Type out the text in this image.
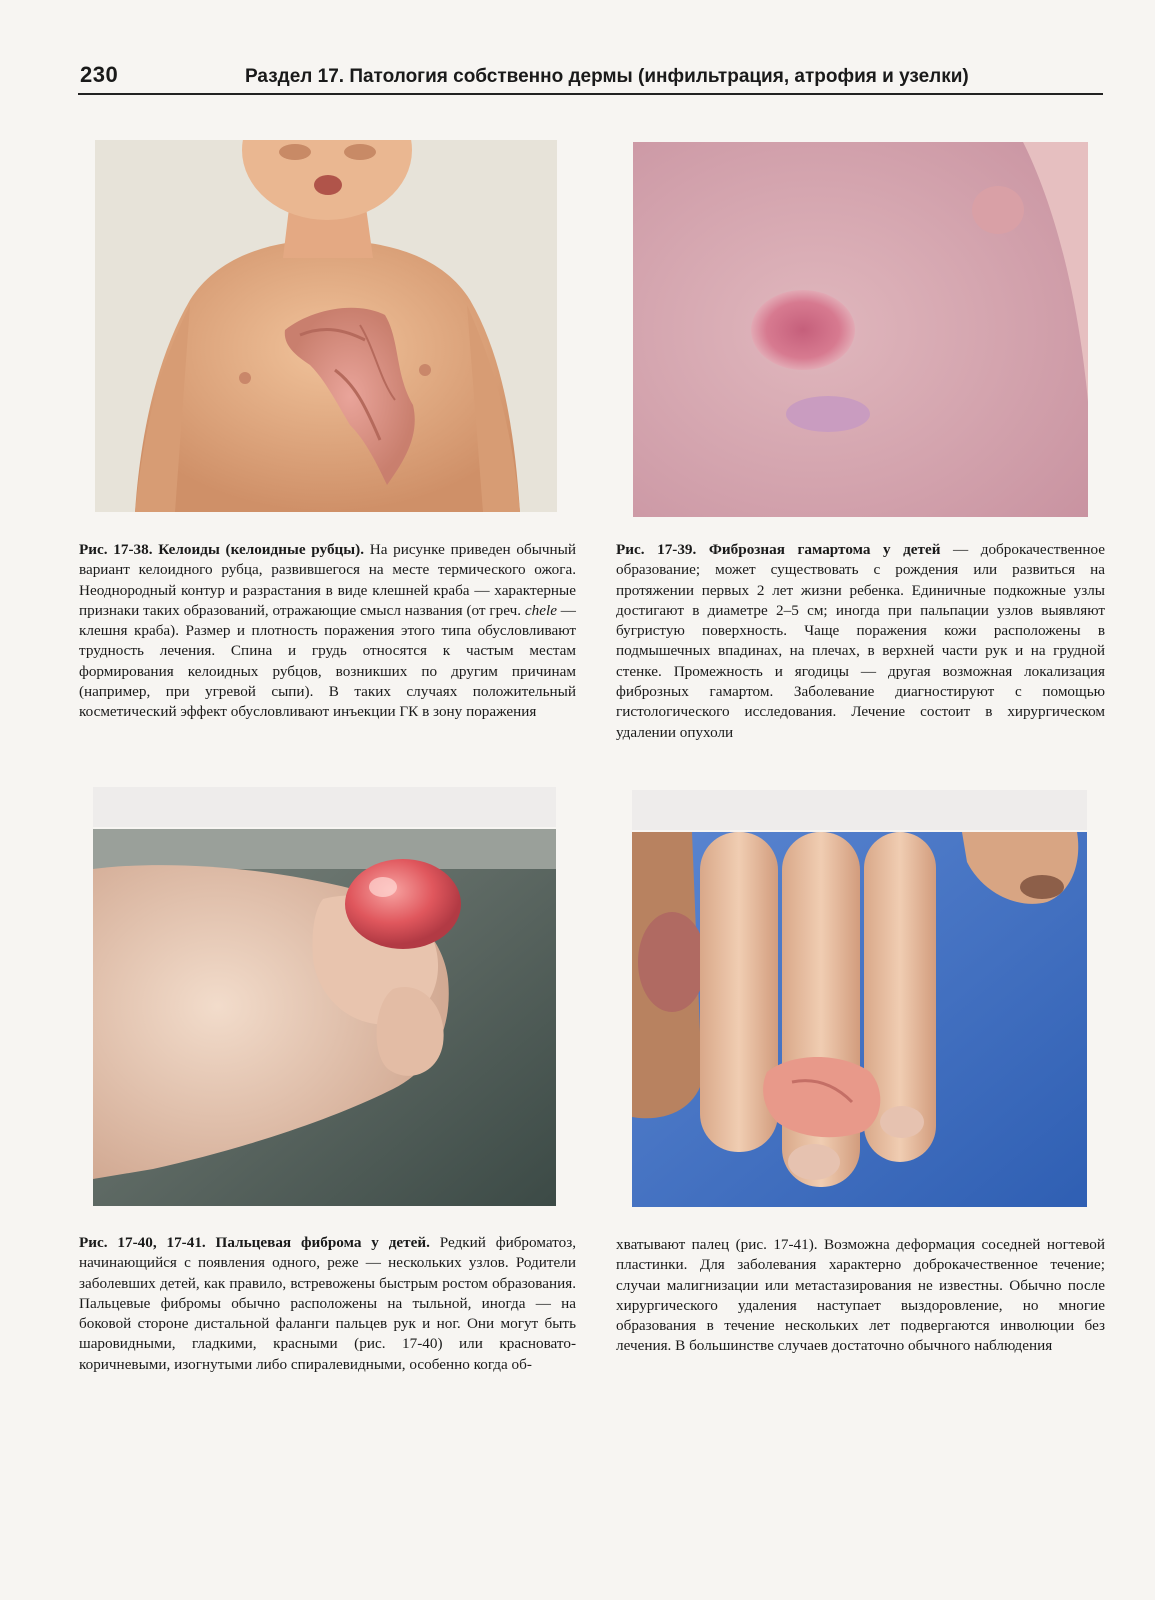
230	Раздел 17. Патология собственно дермы (инфильтрация, атрофия и узелки)
Рис. 17-38. Келоиды (келоидные рубцы). На рисунке приведен обычный вариант келоидного рубца, развившегося на месте термического ожога. Неоднородный контур и разрастания в виде клешней краба — характерные признаки таких образований, отражающие смысл названия (от греч. chele — клешня краба). Размер и плотность поражения этого типа обусловливают трудность лечения. Спина и грудь относятся к частым местам формирования келоидных рубцов, возникших по другим причинам (например, при угревой сыпи). В таких случаях положительный косметический эффект обусловливают инъекции ГК в зону поражения
Рис. 17-39. Фиброзная гамартома у детей — доброкачественное образование; может существовать с рождения или развиться на протяжении первых 2 лет жизни ребенка. Единичные подкожные узлы достигают в диаметре 2–5 см; иногда при пальпации узлов выявляют бугристую поверхность. Чаще поражения кожи расположены в подмышечных впадинах, на плечах, в верхней части рук и на грудной стенке. Промежность и ягодицы — другая возможная локализация фиброзных гамартом. Заболевание диагностируют с помощью гистологического исследования. Лечение состоит в хирургическом удалении опухоли
Рис. 17-40, 17-41. Пальцевая фиброма у детей. Редкий фиброматоз, начинающийся с появления одного, реже — нескольких узлов. Родители заболевших детей, как правило, встревожены быстрым ростом образования. Пальцевые фибромы обычно расположены на тыльной, иногда — на боковой стороне дистальной фаланги пальцев рук и ног. Они могут быть шаровидными, гладкими, красными (рис. 17-40) или красновато-коричневыми, изогнутыми либо спиралевидными, особенно когда об-
хватывают палец (рис. 17-41). Возможна деформация соседней ногтевой пластинки. Для заболевания характерно доброкачественное течение; случаи малигнизации или метастазирования не известны. Обычно после хирургического удаления наступает выздоровление, но многие образования в течение нескольких лет подвергаются инволюции без лечения. В большинстве случаев достаточно обычного наблюдения
